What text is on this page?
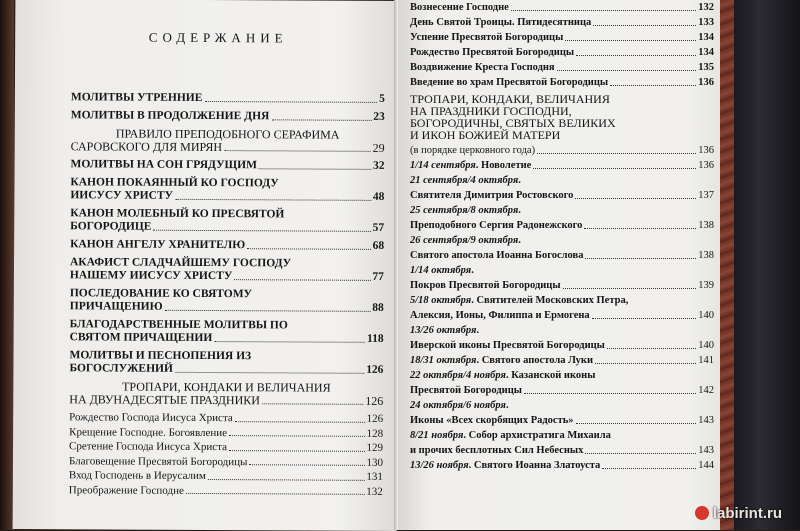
СОДЕРЖАНИЕ
МОЛИТВЫ УТРЕННИЕ	5
МОЛИТВЫ В ПРОДОЛЖЕНИЕ ДНЯ	23
ПРАВИЛО ПРЕПОДОБНОГО СЕРАФИМА
САРОВСКОГО ДЛЯ МИРЯН	29
МОЛИТВЫ НА СОН ГРЯДУЩИМ	32
КАНОН ПОКАЯННЫЙ КО ГОСПОДУ
ИИСУСУ ХРИСТУ	48
КАНОН МОЛЕБНЫЙ КО ПРЕСВЯТОЙ
БОГОРОДИЦЕ	57
КАНОН АНГЕЛУ ХРАНИТЕЛЮ	68
АКАФИСТ СЛАДЧАЙШЕМУ ГОСПОДУ
НАШЕМУ ИИСУСУ ХРИСТУ	77
ПОСЛЕДОВАНИЕ КО СВЯТОМУ
ПРИЧАЩЕНИЮ	88
БЛАГОДАРСТВЕННЫЕ МОЛИТВЫ ПО
СВЯТОМ ПРИЧАЩЕНИИ	118
МОЛИТВЫ И ПЕСНОПЕНИЯ ИЗ
БОГОСЛУЖЕНИЙ	126
ТРОПАРИ, КОНДАКИ И ВЕЛИЧАНИЯ
НА ДВУНАДЕСЯТЫЕ ПРАЗДНИКИ	126
Рождество Господа Иисуса Христа	126
Крещение Господне. Богоявление	128
Сретение Господа Иисуса Христа	129
Благовещение Пресвятой Богородицы	130
Вход Господень в Иерусалим	131
Преображение Господне	132
Вознесение Господне	132
День Святой Троицы. Пятидесятница	133
Успение Пресвятой Богородицы	134
Рождество Пресвятой Богородицы	134
Воздвижение Креста Господня	135
Введение во храм Пресвятой Богородицы	136
ТРОПАРИ, КОНДАКИ, ВЕЛИЧАНИЯ
НА ПРАЗДНИКИ ГОСПОДНИ,
БОГОРОДИЧНЫ, СВЯТЫХ ВЕЛИКИХ
И ИКОН БОЖИЕЙ МАТЕРИ
(в порядке церковного года)	136
1/14 сентября. Новолетие	136
21 сентября/4 октября.
Святителя Димитрия Ростовского	137
25 сентября/8 октября.
Преподобного Сергия Радонежского	138
26 сентября/9 октября.
Святого апостола Иоанна Богослова	138
1/14 октября.
Покров Пресвятой Богородицы	139
5/18 октября. Святителей Московских Петра,
Алексия, Ионы, Филиппа и Ермогена	140
13/26 октября.
Иверской иконы Пресвятой Богородицы	140
18/31 октября. Святого апостола Луки	141
22 октября/4 ноября. Казанской иконы
Пресвятой Богородицы	142
24 октября/6 ноября.
Иконы «Всех скорбящих Радость»	143
8/21 ноября. Собор архистратига Михаила
и прочих бесплотных Сил Небесных	143
13/26 ноября. Святого Иоанна Златоуста	144
labirint.ru
